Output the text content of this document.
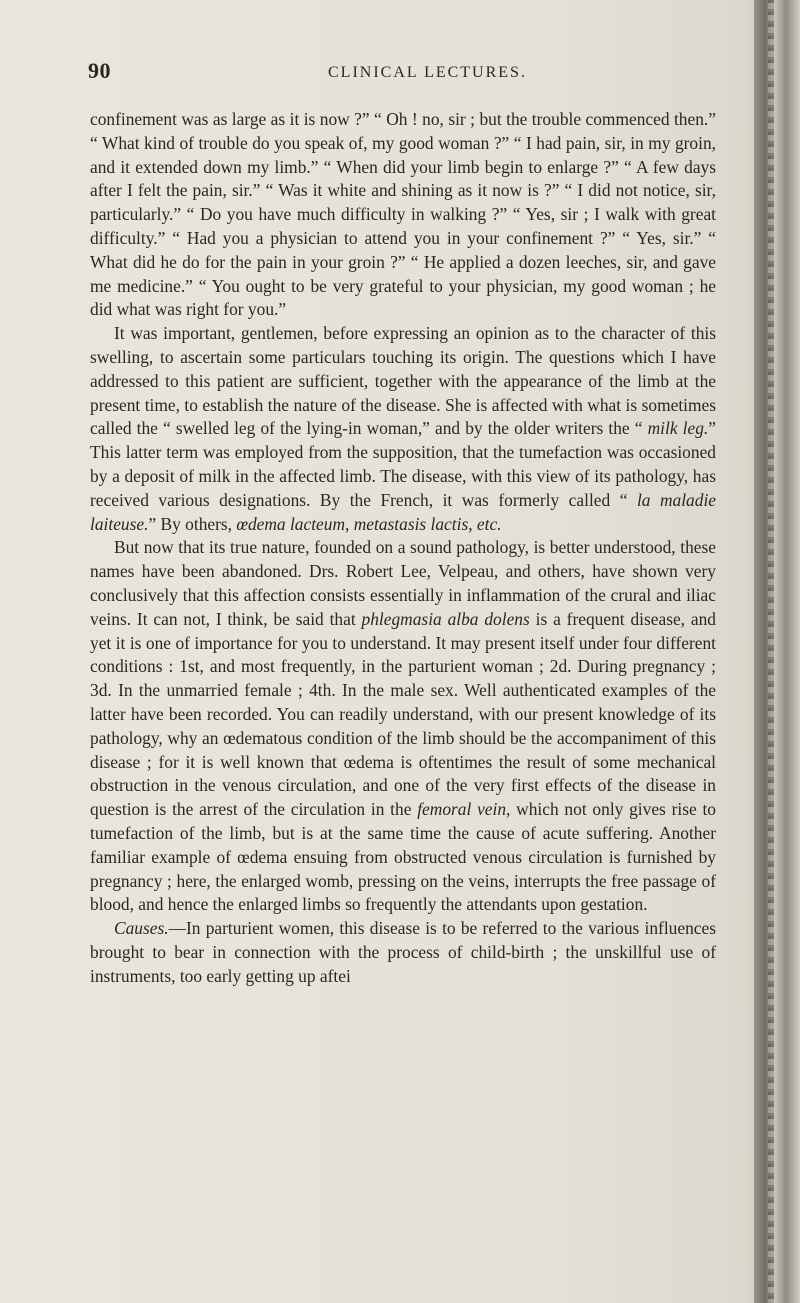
90	CLINICAL LECTURES.

confinement was as large as it is now ?” “ Oh ! no, sir ; but the trouble commenced then.” “ What kind of trouble do you speak of, my good woman ?” “ I had pain, sir, in my groin, and it extended down my limb.” “ When did your limb begin to enlarge ?” “ A few days after I felt the pain, sir.” “ Was it white and shining as it now is ?” “ I did not notice, sir, particularly.” “ Do you have much difficulty in walking ?” “ Yes, sir ; I walk with great difficulty.” “ Had you a physician to attend you in your confinement ?” “ Yes, sir.” “ What did he do for the pain in your groin ?” “ He applied a dozen leeches, sir, and gave me medicine.” “ You ought to be very grateful to your physician, my good woman ; he did what was right for you.”

It was important, gentlemen, before expressing an opinion as to the character of this swelling, to ascertain some particulars touching its origin. The questions which I have addressed to this patient are sufficient, together with the appearance of the limb at the present time, to establish the nature of the disease. She is affected with what is sometimes called the “ swelled leg of the lying-in woman,” and by the older writers the “ milk leg.” This latter term was employed from the supposition, that the tumefaction was occasioned by a deposit of milk in the affected limb. The disease, with this view of its pathology, has received various designations. By the French, it was formerly called “ la maladie laiteuse.” By others, œdema lacteum, metastasis lactis, etc.

But now that its true nature, founded on a sound pathology, is better understood, these names have been abandoned. Drs. Robert Lee, Velpeau, and others, have shown very conclusively that this affection consists essentially in inflammation of the crural and iliac veins. It can not, I think, be said that phlegmasia alba dolens is a frequent disease, and yet it is one of importance for you to understand. It may present itself under four different conditions : 1st, and most frequently, in the parturient woman ; 2d. During pregnancy ; 3d. In the unmarried female ; 4th. In the male sex. Well authenticated examples of the latter have been recorded. You can readily understand, with our present knowledge of its pathology, why an œdematous condition of the limb should be the accompaniment of this disease ; for it is well known that œdema is oftentimes the result of some mechanical obstruction in the venous circulation, and one of the very first effects of the disease in question is the arrest of the circulation in the femoral vein, which not only gives rise to tumefaction of the limb, but is at the same time the cause of acute suffering. Another familiar example of œdema ensuing from obstructed venous circulation is furnished by pregnancy ; here, the enlarged womb, pressing on the veins, interrupts the free passage of blood, and hence the enlarged limbs so frequently the attendants upon gestation.

Causes.—In parturient women, this disease is to be referred to the various influences brought to bear in connection with the process of child-birth ; the unskillful use of instruments, too early getting up aftei
